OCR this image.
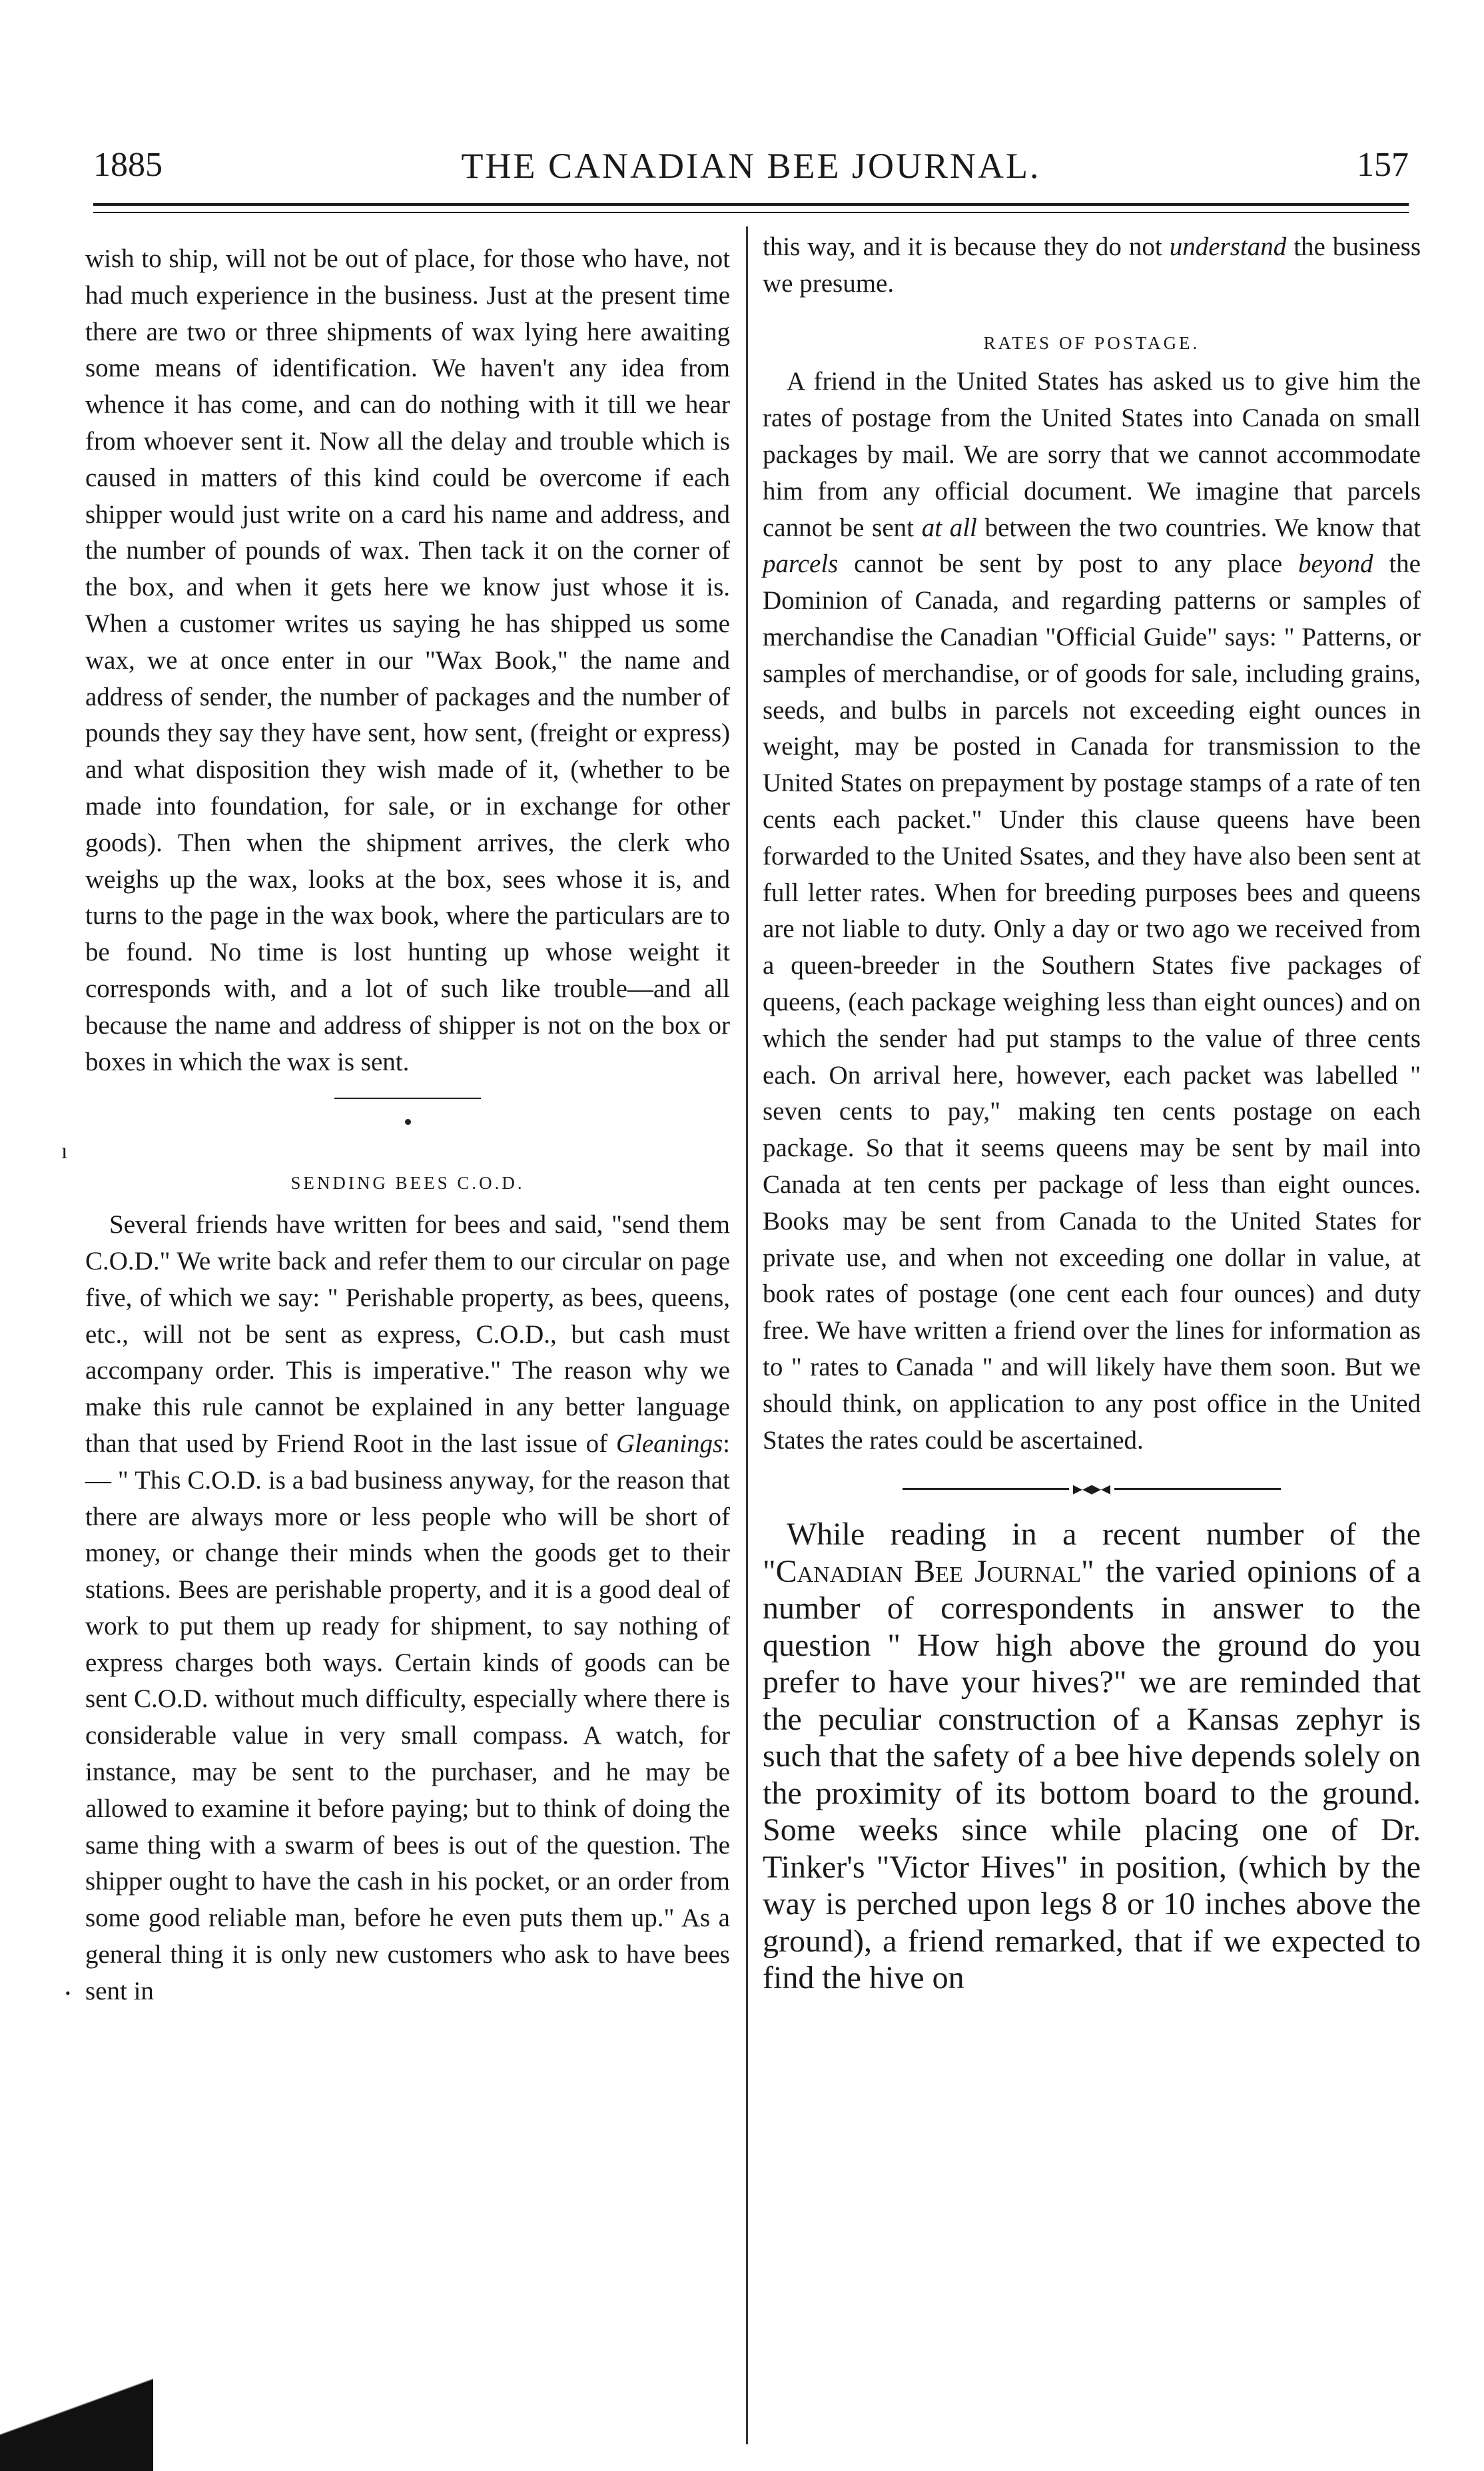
1885	THE CANADIAN BEE JOURNAL.	157
ı
•

wish to ship, will not be out of place, for those who have, not had much experience in the business. Just at the present time there are two or three shipments of wax lying here awaiting some means of identification. We haven't any idea from whence it has come, and can do nothing with it till we hear from whoever sent it. Now all the delay and trouble which is caused in matters of this kind could be overcome if each shipper would just write on a card his name and address, and the number of pounds of wax. Then tack it on the corner of the box, and when it gets here we know just whose it is. When a customer writes us saying he has shipped us some wax, we at once enter in our "Wax Book," the name and address of sender, the number of packages and the number of pounds they say they have sent, how sent, (freight or express) and what disposition they wish made of it, (whether to be made into foundation, for sale, or in exchange for other goods). Then when the shipment arrives, the clerk who weighs up the wax, looks at the box, sees whose it is, and turns to the page in the wax book, where the particulars are to be found. No time is lost hunting up whose weight it corresponds with, and a lot of such like trouble—and all because the name and address of shipper is not on the box or boxes in which the wax is sent.

SENDING BEES C.O.D.

Several friends have written for bees and said, "send them C.O.D." We write back and refer them to our circular on page five, of which we say: " Perishable property, as bees, queens, etc., will not be sent as express, C.O.D., but cash must accompany order. This is imperative." The reason why we make this rule cannot be explained in any better language than that used by Friend Root in the last issue of Gleanings:— " This C.O.D. is a bad business anyway, for the reason that there are always more or less people who will be short of money, or change their minds when the goods get to their stations. Bees are perishable property, and it is a good deal of work to put them up ready for shipment, to say nothing of express charges both ways. Certain kinds of goods can be sent C.O.D. without much difficulty, especially where there is considerable value in very small compass. A watch, for instance, may be sent to the purchaser, and he may be allowed to examine it before paying; but to think of doing the same thing with a swarm of bees is out of the question. The shipper ought to have the cash in his pocket, or an order from some good reliable man, before he even puts them up." As a general thing it is only new customers who ask to have bees sent in

this way, and it is because they do not understand the business we presume.

RATES OF POSTAGE.

A friend in the United States has asked us to give him the rates of postage from the United States into Canada on small packages by mail. We are sorry that we cannot accommodate him from any official document. We imagine that parcels cannot be sent at all between the two countries. We know that parcels cannot be sent by post to any place beyond the Dominion of Canada, and regarding patterns or samples of merchandise the Canadian "Official Guide" says: " Patterns, or samples of merchandise, or of goods for sale, including grains, seeds, and bulbs in parcels not exceeding eight ounces in weight, may be posted in Canada for transmission to the United States on prepayment by postage stamps of a rate of ten cents each packet." Under this clause queens have been forwarded to the United Ssates, and they have also been sent at full letter rates. When for breeding purposes bees and queens are not liable to duty. Only a day or two ago we received from a queen-breeder in the Southern States five packages of queens, (each package weighing less than eight ounces) and on which the sender had put stamps to the value of three cents each. On arrival here, however, each packet was labelled " seven cents to pay," making ten cents postage on each package. So that it seems queens may be sent by mail into Canada at ten cents per package of less than eight ounces. Books may be sent from Canada to the United States for private use, and when not exceeding one dollar in value, at book rates of postage (one cent each four ounces) and duty free. We have written a friend over the lines for information as to " rates to Canada " and will likely have them soon. But we should think, on application to any post office in the United States the rates could be ascertained.

▸◂▸◂

While reading in a recent number of the "Canadian Bee Journal" the varied opinions of a number of correspondents in answer to the question " How high above the ground do you prefer to have your hives?" we are reminded that the peculiar construction of a Kansas zephyr is such that the safety of a bee hive depends solely on the proximity of its bottom board to the ground. Some weeks since while placing one of Dr. Tinker's "Victor Hives" in position, (which by the way is perched upon legs 8 or 10 inches above the ground), a friend remarked, that if we expected to find the hive on
